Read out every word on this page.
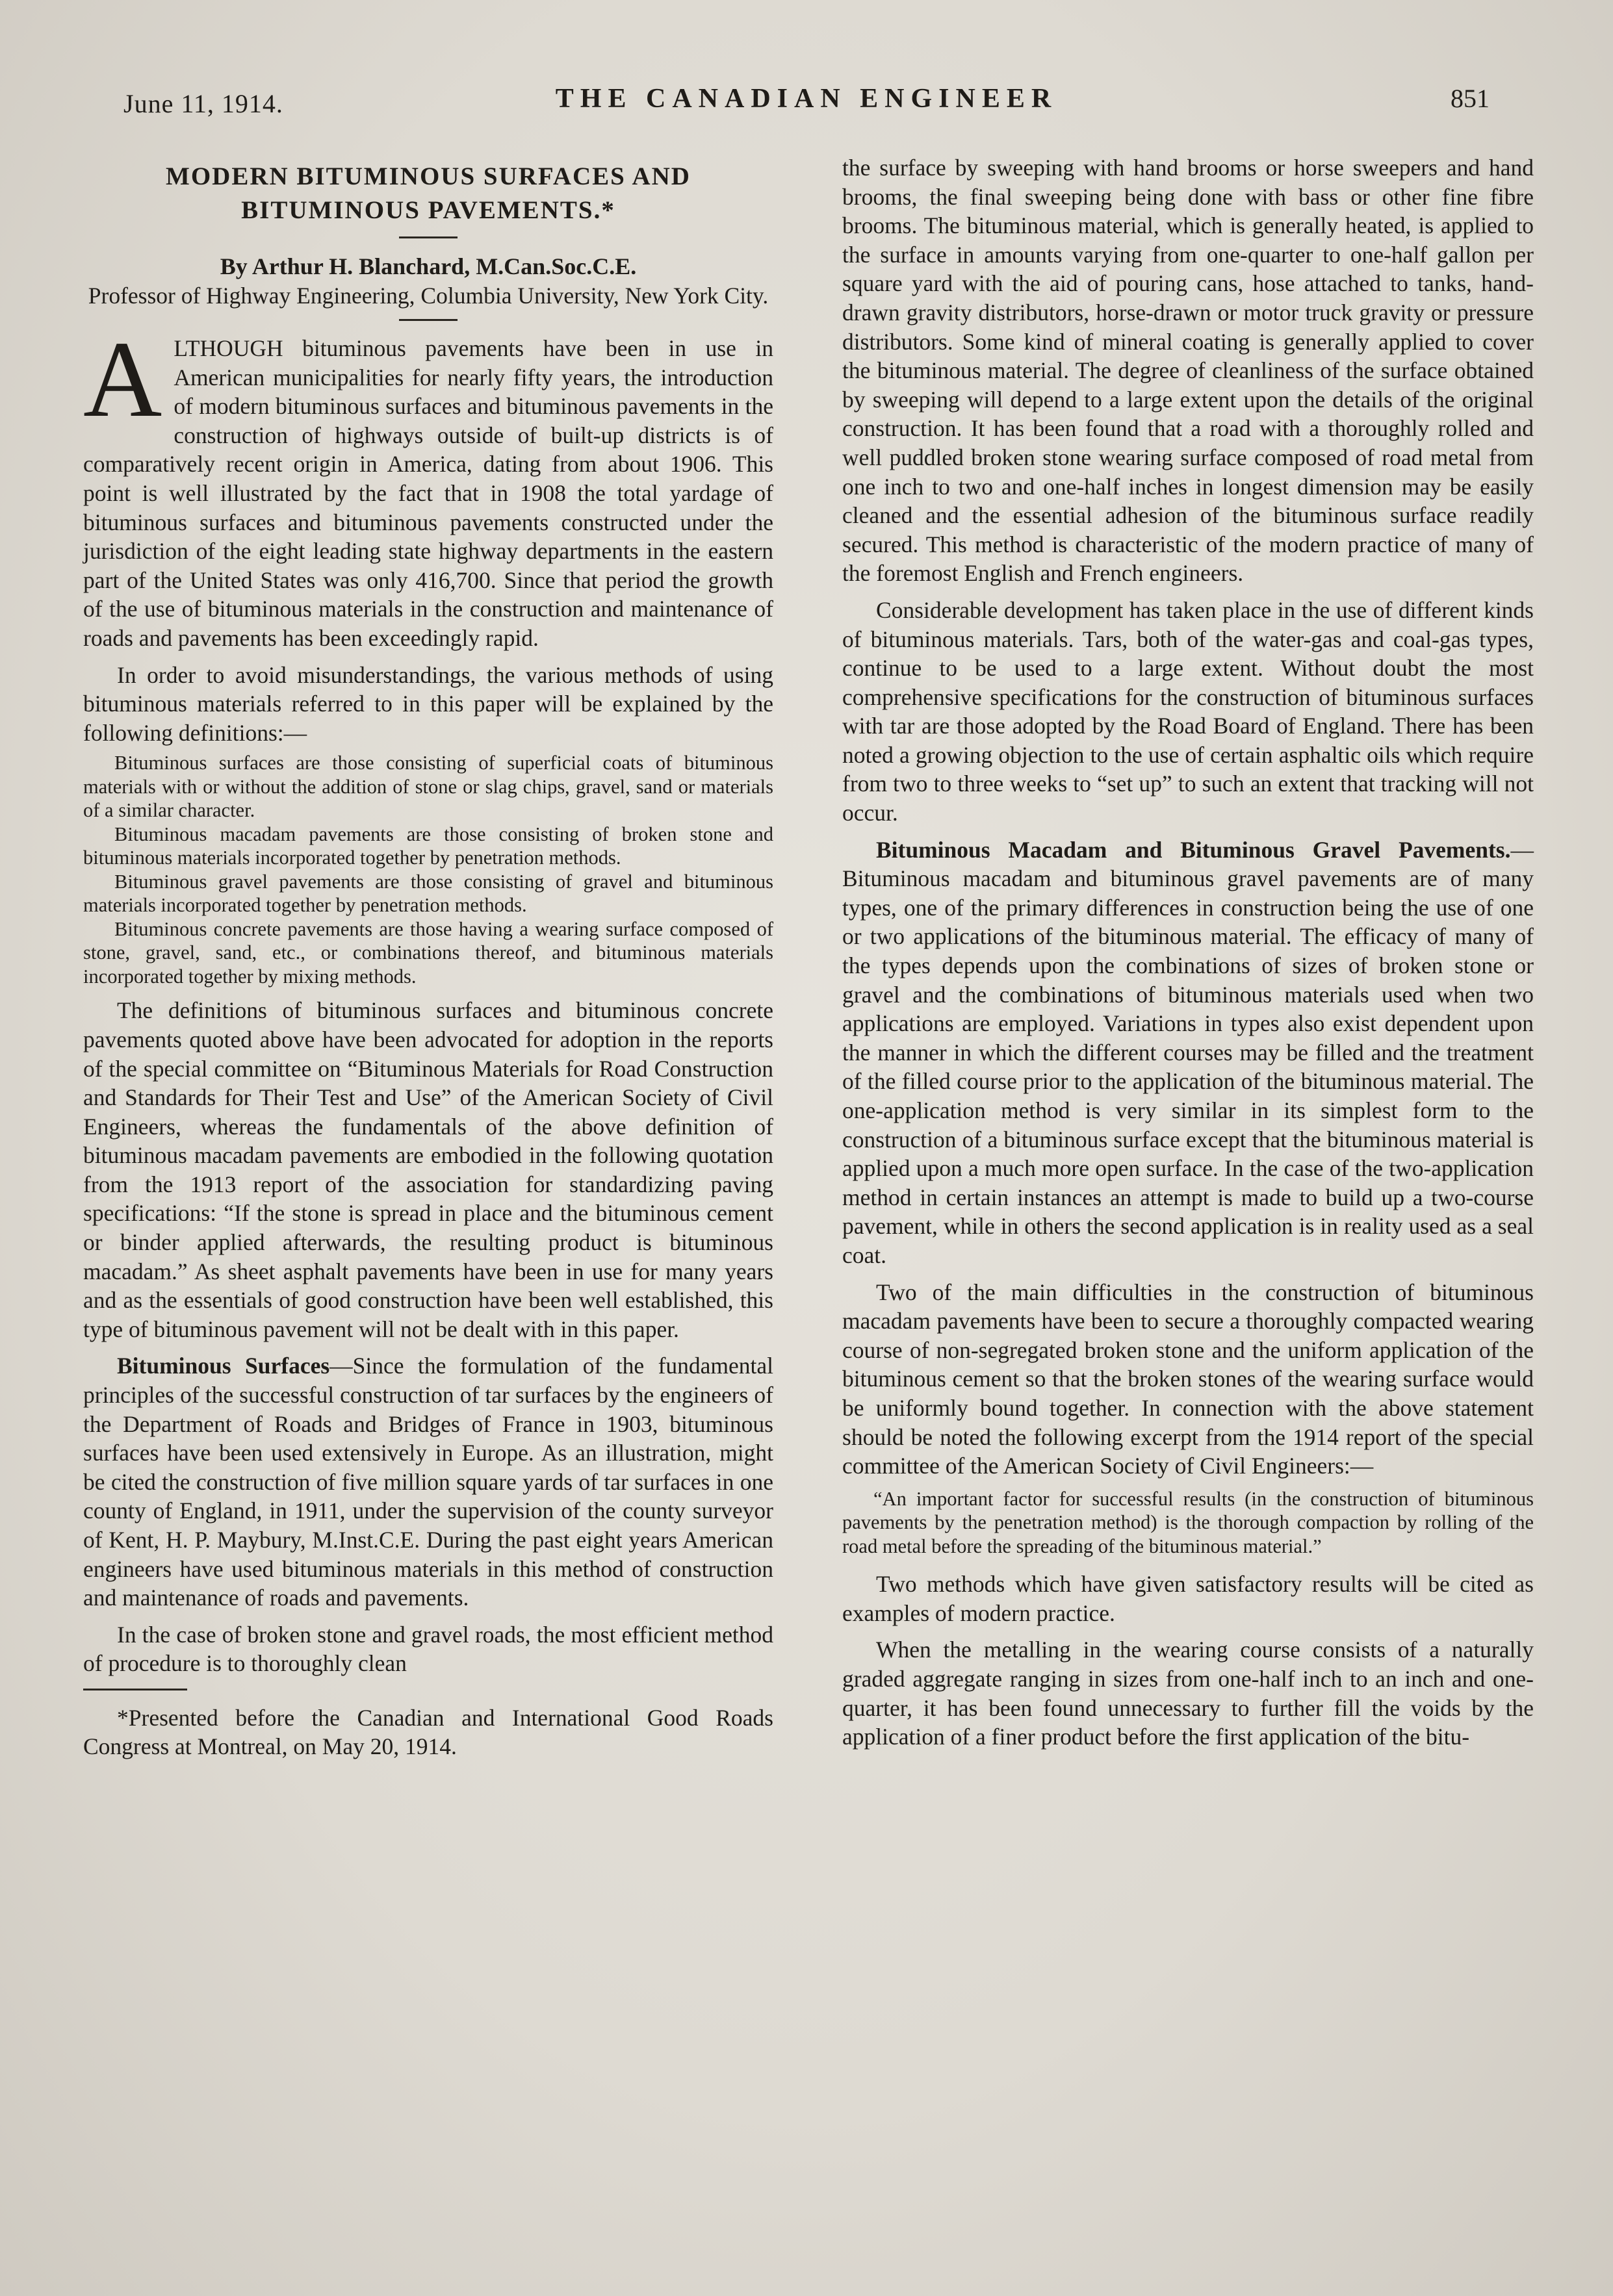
June 11, 1914.	THE CANADIAN ENGINEER	851
MODERN BITUMINOUS SURFACES AND BITUMINOUS PAVEMENTS.*
By Arthur H. Blanchard, M.Can.Soc.C.E.
Professor of Highway Engineering, Columbia University, New York City.
A LTHOUGH bituminous pavements have been in use in American municipalities for nearly fifty years, the introduction of modern bituminous surfaces and bituminous pavements in the construction of highways outside of built-up districts is of comparatively recent origin in America, dating from about 1906. This point is well illustrated by the fact that in 1908 the total yardage of bituminous surfaces and bituminous pavements constructed under the jurisdiction of the eight leading state highway departments in the eastern part of the United States was only 416,700. Since that period the growth of the use of bituminous materials in the construction and maintenance of roads and pavements has been exceedingly rapid.

In order to avoid misunderstandings, the various methods of using bituminous materials referred to in this paper will be explained by the following definitions:—

Bituminous surfaces are those consisting of superficial coats of bituminous materials with or without the addition of stone or slag chips, gravel, sand or materials of a similar character.

Bituminous macadam pavements are those consisting of broken stone and bituminous materials incorporated together by penetration methods.

Bituminous gravel pavements are those consisting of gravel and bituminous materials incorporated together by penetration methods.

Bituminous concrete pavements are those having a wearing surface composed of stone, gravel, sand, etc., or combinations thereof, and bituminous materials incorporated together by mixing methods.

The definitions of bituminous surfaces and bituminous concrete pavements quoted above have been advocated for adoption in the reports of the special committee on “Bituminous Materials for Road Construction and Standards for Their Test and Use” of the American Society of Civil Engineers, whereas the fundamentals of the above definition of bituminous macadam pavements are embodied in the following quotation from the 1913 report of the association for standardizing paving specifications: “If the stone is spread in place and the bituminous cement or binder applied afterwards, the resulting product is bituminous macadam.” As sheet asphalt pavements have been in use for many years and as the essentials of good construction have been well established, this type of bituminous pavement will not be dealt with in this paper.

Bituminous Surfaces—Since the formulation of the fundamental principles of the successful construction of tar surfaces by the engineers of the Department of Roads and Bridges of France in 1903, bituminous surfaces have been used extensively in Europe. As an illustration, might be cited the construction of five million square yards of tar surfaces in one county of England, in 1911, under the supervision of the county surveyor of Kent, H. P. Maybury, M.Inst.C.E. During the past eight years American engineers have used bituminous materials in this method of construction and maintenance of roads and pavements.

In the case of broken stone and gravel roads, the most efficient method of procedure is to thoroughly clean

*Presented before the Canadian and International Good Roads Congress at Montreal, on May 20, 1914.

the surface by sweeping with hand brooms or horse sweepers and hand brooms, the final sweeping being done with bass or other fine fibre brooms. The bituminous material, which is generally heated, is applied to the surface in amounts varying from one-quarter to one-half gallon per square yard with the aid of pouring cans, hose attached to tanks, hand-drawn gravity distributors, horse-drawn or motor truck gravity or pressure distributors. Some kind of mineral coating is generally applied to cover the bituminous material. The degree of cleanliness of the surface obtained by sweeping will depend to a large extent upon the details of the original construction. It has been found that a road with a thoroughly rolled and well puddled broken stone wearing surface composed of road metal from one inch to two and one-half inches in longest dimension may be easily cleaned and the essential adhesion of the bituminous surface readily secured. This method is characteristic of the modern practice of many of the foremost English and French engineers.

Considerable development has taken place in the use of different kinds of bituminous materials. Tars, both of the water-gas and coal-gas types, continue to be used to a large extent. Without doubt the most comprehensive specifications for the construction of bituminous surfaces with tar are those adopted by the Road Board of England. There has been noted a growing objection to the use of certain asphaltic oils which require from two to three weeks to “set up” to such an extent that tracking will not occur.

Bituminous Macadam and Bituminous Gravel Pavements.—Bituminous macadam and bituminous gravel pavements are of many types, one of the primary differences in construction being the use of one or two applications of the bituminous material. The efficacy of many of the types depends upon the combinations of sizes of broken stone or gravel and the combinations of bituminous materials used when two applications are employed. Variations in types also exist dependent upon the manner in which the different courses may be filled and the treatment of the filled course prior to the application of the bituminous material. The one-application method is very similar in its simplest form to the construction of a bituminous surface except that the bituminous material is applied upon a much more open surface. In the case of the two-application method in certain instances an attempt is made to build up a two-course pavement, while in others the second application is in reality used as a seal coat.

Two of the main difficulties in the construction of bituminous macadam pavements have been to secure a thoroughly compacted wearing course of non-segregated broken stone and the uniform application of the bituminous cement so that the broken stones of the wearing surface would be uniformly bound together. In connection with the above statement should be noted the following excerpt from the 1914 report of the special committee of the American Society of Civil Engineers:—

“An important factor for successful results (in the construction of bituminous pavements by the penetration method) is the thorough compaction by rolling of the road metal before the spreading of the bituminous material.”

Two methods which have given satisfactory results will be cited as examples of modern practice.

When the metalling in the wearing course consists of a naturally graded aggregate ranging in sizes from one-half inch to an inch and one-quarter, it has been found unnecessary to further fill the voids by the application of a finer product before the first application of the bitu-
